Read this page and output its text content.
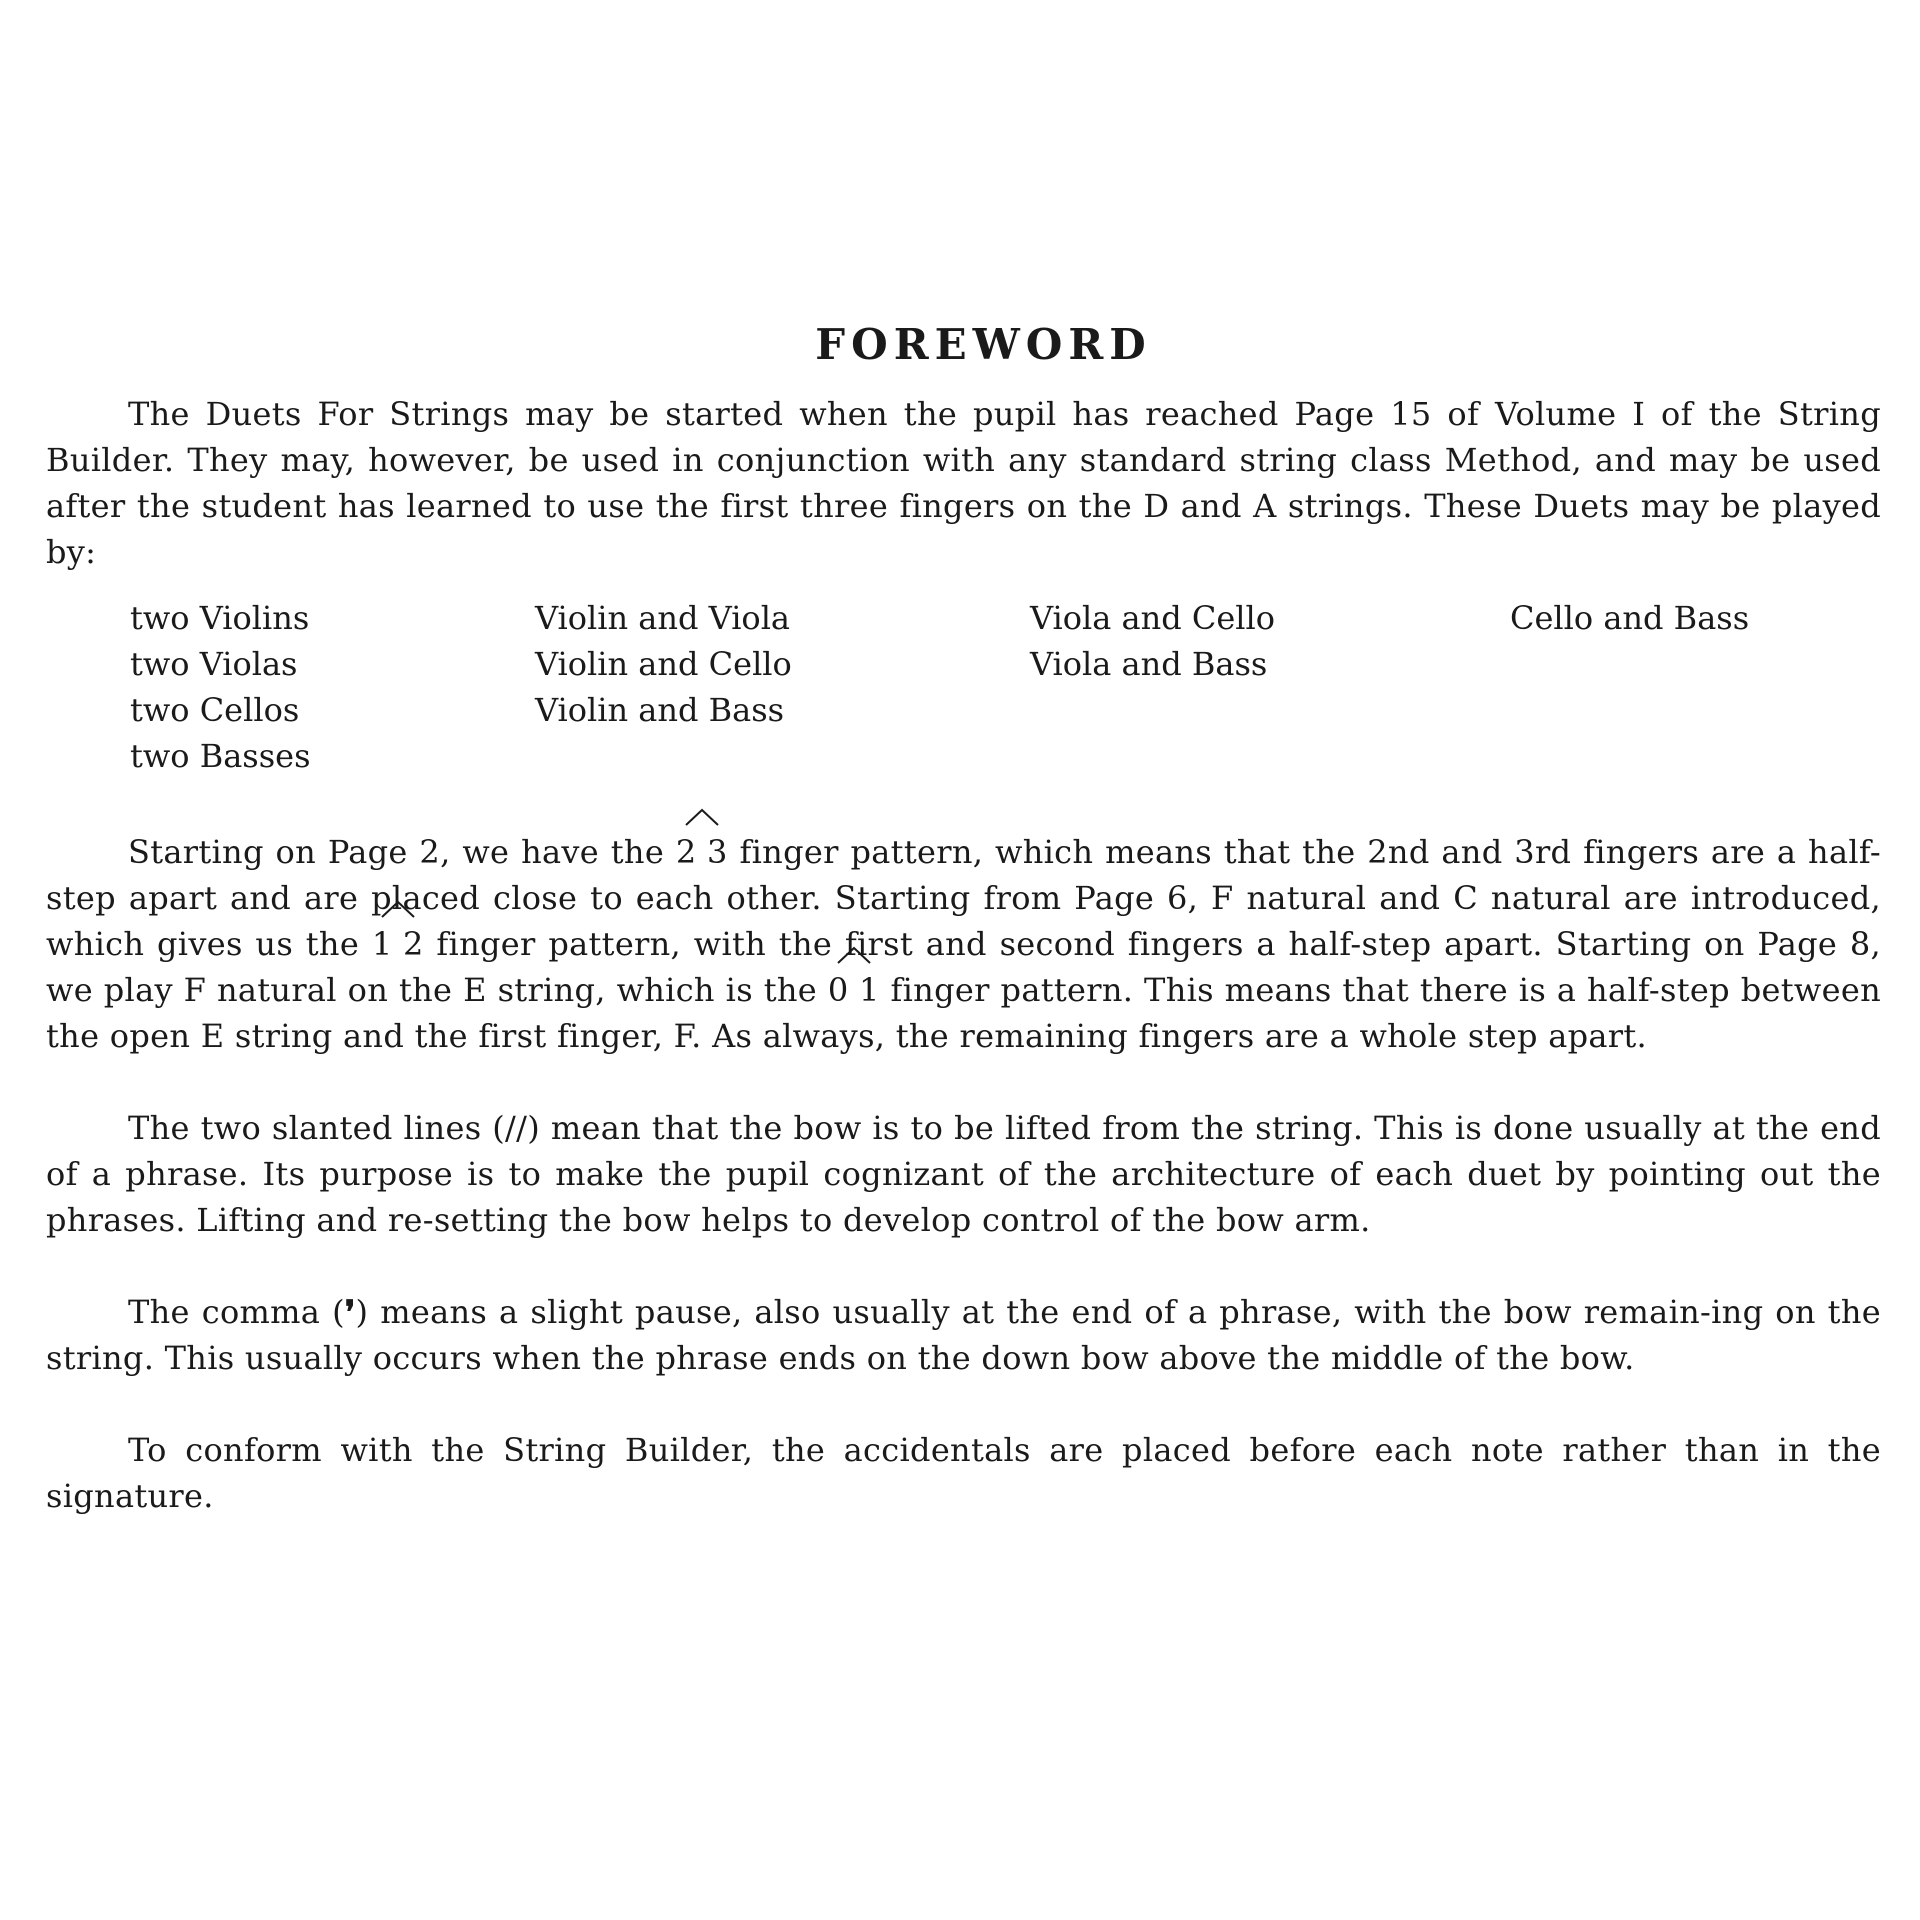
FOREWORD

The Duets For Strings may be started when the pupil has reached Page 15 of Volume I of the String Builder. They may, however, be used in conjunction with any standard string class Method, and may be used after the student has learned to use the first three fingers on the D and A strings. These Duets may be played by:

two Violins
two Violas
two Cellos
two Basses
Violin and Viola
Violin and Cello
Violin and Bass
Viola and Cello
Viola and Bass
Cello and Bass

Starting on Page 2, we have the 2 3 finger pattern, which means that the 2nd and 3rd fingers are a half-step apart and are placed close to each other. Starting from Page 6, F natural and C natural are introduced, which gives us the 1 2 finger pattern, with the first and second fingers a half-step apart. Starting on Page 8, we play F natural on the E string, which is the 0 1 finger pattern. This means that there is a half-step between the open E string and the first finger, F. As always, the remaining fingers are a whole step apart.

The two slanted lines (//) mean that the bow is to be lifted from the string. This is done usually at the end of a phrase. Its purpose is to make the pupil cognizant of the architecture of each duet by pointing out the phrases. Lifting and re-setting the bow helps to develop control of the bow arm.

The comma (❜) means a slight pause, also usually at the end of a phrase, with the bow remain-ing on the string. This usually occurs when the phrase ends on the down bow above the middle of the bow.

To conform with the String Builder, the accidentals are placed before each note rather than in the signature.
